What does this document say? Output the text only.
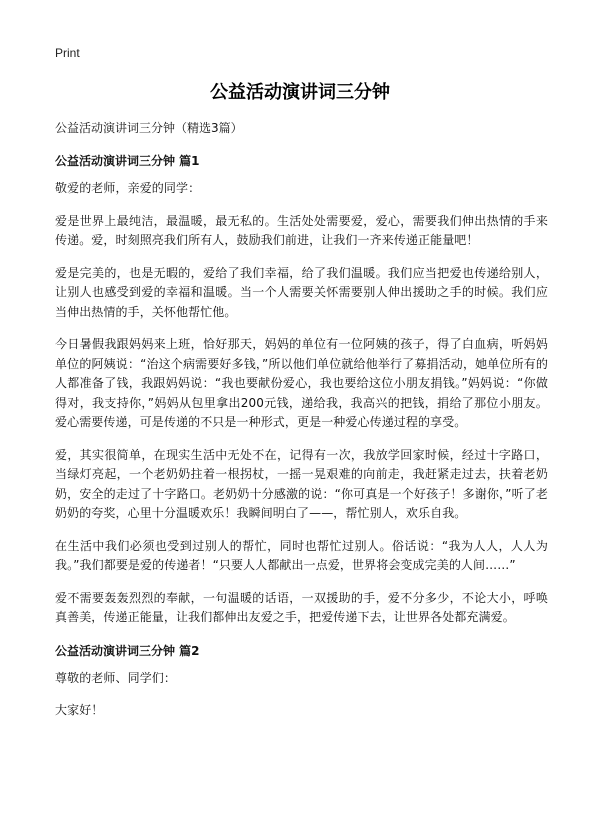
Print
公益活动演讲词三分钟
公益活动演讲词三分钟（精选3篇）
公益活动演讲词三分钟 篇1
敬爱的老师，亲爱的同学：
爱是世界上最纯洁，最温暖，最无私的。生活处处需要爱，爱心，需要我们伸出热情的手来传递。爱，时刻照亮我们所有人，鼓励我们前进，让我们一齐来传递正能量吧！
爱是完美的，也是无暇的，爱给了我们幸福，给了我们温暖。我们应当把爱也传递给别人，让别人也感受到爱的幸福和温暖。当一个人需要关怀需要别人伸出援助之手的时候。我们应当伸出热情的手，关怀他帮忙他。
今日暑假我跟妈妈来上班，恰好那天，妈妈的单位有一位阿姨的孩子，得了白血病，听妈妈单位的阿姨说：“治这个病需要好多钱，”所以他们单位就给他举行了募捐活动，她单位所有的人都准备了钱，我跟妈妈说：“我也要献份爱心，我也要给这位小朋友捐钱。”妈妈说：“你做得对，我支持你，”妈妈从包里拿出200元钱，递给我，我高兴的把钱，捐给了那位小朋友。爱心需要传递，可是传递的不只是一种形式，更是一种爱心传递过程的享受。
爱，其实很简单，在现实生活中无处不在，记得有一次，我放学回家时候，经过十字路口，当绿灯亮起，一个老奶奶拄着一根拐杖，一摇一晃艰难的向前走，我赶紧走过去，扶着老奶奶，安全的走过了十字路口。老奶奶十分感激的说：“你可真是一个好孩子！多谢你，”听了老奶奶的夸奖，心里十分温暖欢乐！我瞬间明白了——，帮忙别人，欢乐自我。
在生活中我们必须也受到过别人的帮忙，同时也帮忙过别人。俗话说：“我为人人，人人为我。”我们都要是爱的传递者！“只要人人都献出一点爱，世界将会变成完美的人间……”
爱不需要轰轰烈烈的奉献，一句温暖的话语，一双援助的手，爱不分多少，不论大小，呼唤真善美，传递正能量，让我们都伸出友爱之手，把爱传递下去，让世界各处都充满爱。
公益活动演讲词三分钟 篇2
尊敬的老师、同学们：
大家好！
